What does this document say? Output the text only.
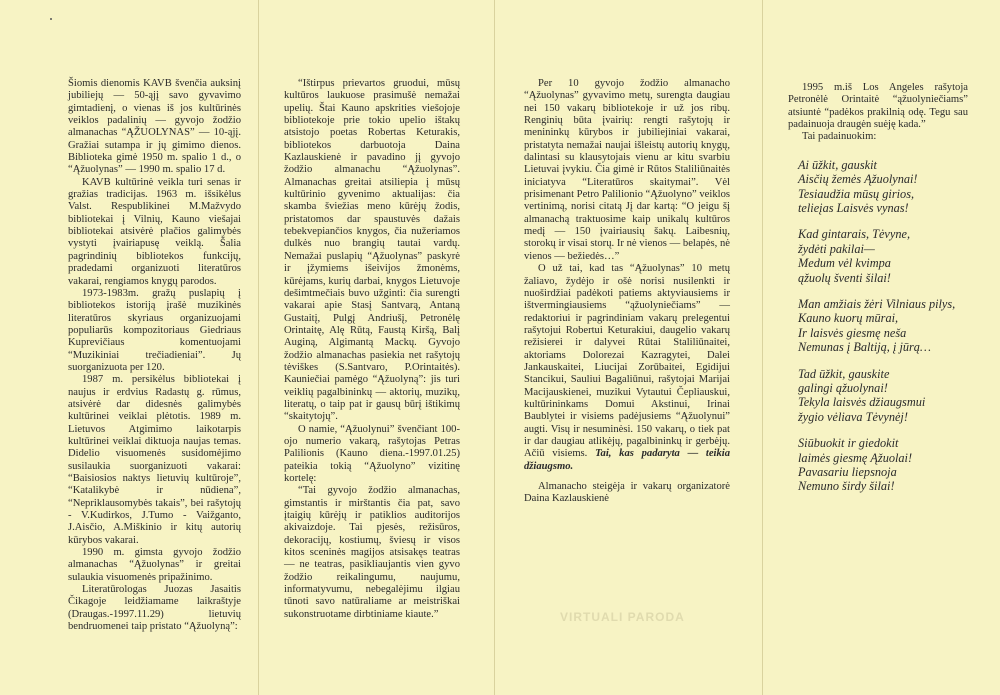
VIRTUALI PARODA

Šiomis dienomis KAVB švenčia auksinį jubiliejų — 50-ąjį savo gyvavimo gimtadienį, o vienas iš jos kultūrinės veiklos padalinių — gyvojo žodžio almanachas “ĄŽUOLYNAS” — 10-ąjį. Gražiai sutampa ir jų gimimo dienos. Biblioteka gimė 1950 m. spalio 1 d., o “Ąžuolynas” — 1990 m. spalio 17 d.

KAVB kultūrinė veikla turi senas ir gražias tradicijas. 1963 m. išsikėlus Valst. Respublikinei M.Mažvydo bibliotekai į Vilnių, Kauno viešajai bibliotekai atsivėrė plačios galimybės vystyti įvairiapusę veiklą. Šalia pagrindinių bibliotekos funkcijų, pradedami organizuoti literatūros vakarai, rengiamos knygų parodos.

1973-1983m. gražų puslapių į bibliotekos istoriją įrašė muzikinės literatūros skyriaus organizuojami populiarūs kompozitoriaus Giedriaus Kuprevičiaus komentuojami “Muzikiniai trečiadieniai”. Jų suorganizuota per 120.

1987 m. persikėlus bibliotekai į naujus ir erdvius Radastų g. rūmus, atsivėrė dar didesnės galimybės kultūrinei veiklai plėtotis. 1989 m. Lietuvos Atgimimo laikotarpis kultūrinei veiklai diktuoja naujas temas. Didelio visuomenės susidomėjimo susilaukia suorganizuoti vakarai: “Baisiosios naktys lietuvių kultūroje”, “Katalikybė ir nūdiena”, “Nepriklausomybės takais”, bei rašytojų - V.Kudirkos, J.Tumo - Vaižganto, J.Aisčio, A.Miškinio ir kitų autorių kūrybos vakarai.

1990 m. gimsta gyvojo žodžio almanachas “Ąžuolynas” ir greitai sulaukia visuomenės pripažinimo.

Literatūrologas Juozas Jasaitis Čikagoje leidžiamame laikraštyje (Draugas.-1997.11.29) lietuvių bendruomenei taip pristato “Ąžuolyną”:

“Ištirpus prievartos gruodui, mūsų kultūros laukuose prasimušė nemažai upelių. Štai Kauno apskrities viešojoje bibliotekoje prie tokio upelio ištakų atsistojo poetas Robertas Keturakis, bibliotekos darbuotoja Daina Kazlauskienė ir pavadino jį gyvojo žodžio almanachu “Ąžuolynas”. Almanachas greitai atsiliepia į mūsų kultūrinio gyvenimo aktualijas: čia skamba šviežias meno kūrėjų žodis, pristatomos dar spaustuvės dažais tebekvepiančios knygos, čia nužeriamos dulkės nuo brangių tautai vardų. Nemažai puslapių “Ąžuolynas” paskyrė ir įžymiems išeivijos žmonėms, kūrėjams, kurių darbai, knygos Lietuvoje dešimtmečiais buvo užginti: čia surengti vakarai apie Stasį Santvarą, Antaną Gustaitį, Pulgį Andriušį, Petronėlę Orintaitę, Alę Rūtą, Faustą Kiršą, Balį Auginą, Algimantą Mackų. Gyvojo žodžio almanachas pasiekia net rašytojų tėviškes (S.Santvaro, P.Orintaitės). Kauniečiai pamėgo “Ąžuolyną”: jis turi veiklių pagalbininkų — aktorių, muzikų, literatų, o taip pat ir gausų būrį ištikimų “skaitytojų”.

O namie, “Ąžuolynui” švenčiant 100-ojo numerio vakarą, rašytojas Petras Palilionis (Kauno diena.-1997.01.25) pateikia tokią “Ąžuolyno” vizitinę kortelę:

“Tai gyvojo žodžio almanachas, gimstantis ir mirštantis čia pat, savo įtaigių kūrėjų ir patiklios auditorijos akivaizdoje. Tai pjesės, režisūros, dekoracijų, kostiumų, šviesų ir visos kitos sceninės magijos atsisakęs teatras — ne teatras, pasikliaujantis vien gyvo žodžio reikalingumu, naujumu, informatyvumu, nebegalėjimu ilgiau tūnoti savo natūraliame ar meistriškai sukonstruotame dirbtiniame kiaute.”

Per 10 gyvojo žodžio almanacho “Ąžuolynas” gyvavimo metų, surengta daugiau nei 150 vakarų bibliotekoje ir už jos ribų. Renginių būta įvairių: rengti rašytojų ir menininkų kūrybos ir jubiliejiniai vakarai, pristatyta nemažai naujai išleistų autorių knygų, dalintasi su klausytojais vienu ar kitu svarbiu Lietuvai įvykiu. Čia gimė ir Rūtos Staliliūnaitės iniciatyva “Literatūros skaitymai”. Vėl prisimenant Petro Palilionio “Ąžuolyno” veiklos vertinimą, norisi citatą Jį dar kartą: “O jeigu šį almanachą traktuosime kaip unikalų kultūros medį — 150 įvairiausių šakų. Laibesnių, storokų ir visai storų. Ir nė vienos — belapės, nė vienos — bežiedės…”

O už tai, kad tas “Ąžuolynas” 10 metų žaliavo, žydėjo ir ošė norisi nusilenkti ir nuoširdžiai padėkoti patiems aktyviausiems ir ištvermingiausiems “ąžuolyniečiams” — redaktoriui ir pagrindiniam vakarų prelegentui rašytojui Robertui Keturakiui, daugelio vakarų režisierei ir dalyvei Rūtai Staliliūnaitei, aktoriams Dolorezai Kazragytei, Dalei Jankauskaitei, Liucijai Zorūbaitei, Egidijui Stancikui, Sauliui Bagaliūnui, rašytojai Marijai Macijauskienei, muzikui Vytautui Čepliauskui, kultūrininkams Domui Akstinui, Irinai Baublytei ir visiems padėjusiems “Ąžuolynui” augti. Visų ir nesuminėsi. 150 vakarų, o tiek pat ir dar daugiau atlikėjų, pagalbininkų ir gerbėjų. Ačiū visiems. Tai, kas padaryta — teikia džiaugsmo.

Almanacho steigėja ir vakarų organizatorė Daina Kazlauskienė

1995 m.iš Los Angeles rašytoja Petronėlė Orintaitė “ąžuolyniečiams” atsiuntė “padėkos prakilnią odę. Tegu sau padainuoja draugėn suėję kada.”

Tai padainuokim:

Ai ūžkit, gauskit
Aisčių žemės Ąžuolynai!
Tesiaudžia mūsų girios,
telieįas Laisvės vynas!
Kad gintarais, Tėvyne,
žydėti pakilai—
Medum vėl kvimpa
ąžuolų šventi šilai!
Man amžiais žėri Vilniaus pilys,
Kauno kuorų mūrai,
Ir laisvės giesmę neša
Nemunas į Baltiją, į jūrą…
Tad ūžkit, gauskite
galingi ąžuolynai!
Tekyla laisvės džiaugsmui
žygio vėliava Tėvynėj!
Siūbuokit ir giedokit
laimės giesmę Ąžuolai!
Pavasariu liepsnoja
Nemuno širdy šilai!
